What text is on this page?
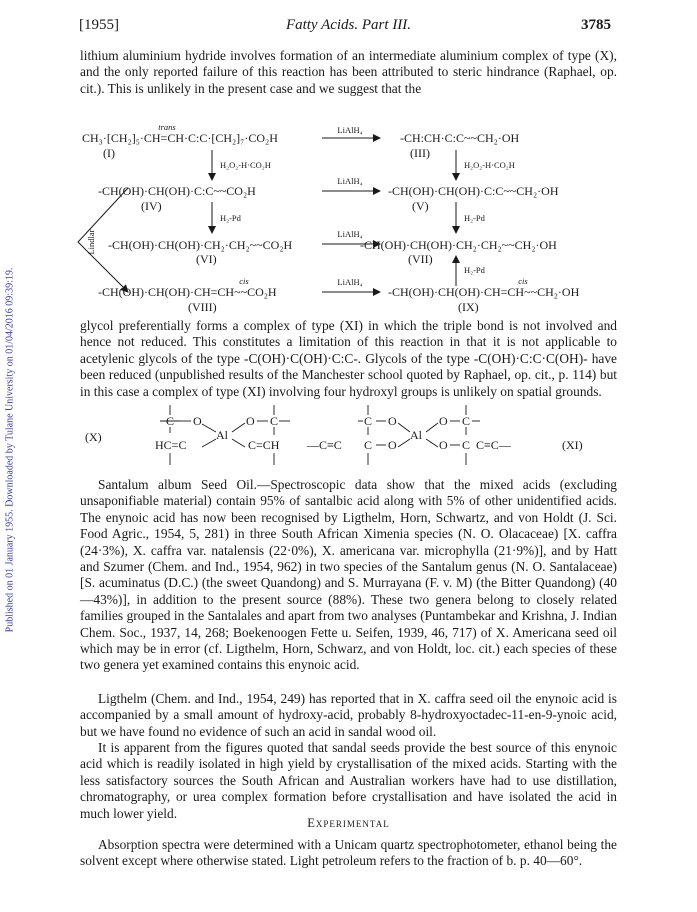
[1955]	Fatty Acids. Part III.	3785
Published on 01 January 1955. Downloaded by Tulane University on 01/04/2016 09:39:19.

lithium aluminium hydride involves formation of an intermediate aluminium complex of type (X), and the only reported failure of this reaction has been attributed to steric hindrance (Raphael, op. cit.). This is unlikely in the present case and we suggest that the

trans
CH₃·[CH₂]₅·CH=CH·C:C·[CH₂]₇·CO₂H
LiAlH₄
-CH:CH·C:C~~CH₂·OH
(I)	(III)
H₂O₂-H·CO₂H	H₂O₂-H·CO₂H
-CH(OH)·CH(OH)·C:C~~CO₂H
LiAlH₄
-CH(OH)·CH(OH)·C:C~~CH₂·OH
(IV)	(V)
H₂-Pd	H₂-Pd
Lindlar -CH(OH)·CH(OH)·CH₂·CH₂~~CO₂H
LiAlH₄
-CH(OH)·CH(OH)·CH₂·CH₂~~CH₂·OH
(VI)	(VII)
H₂-Pd
cis
-CH(OH)·CH(OH)·CH=CH~~CO₂H
LiAlH₄	cis
-CH(OH)·CH(OH)·CH=CH~~CH₂·OH
(VIII)	(IX)

glycol preferentially forms a complex of type (XI) in which the triple bond is not involved and hence not reduced. This constitutes a limitation of this reaction in that it is not applicable to acetylenic glycols of the type -C(OH)·C(OH)·C:C-. Glycols of the type -C(OH)·C:C·C(OH)- have been reduced (unpublished results of the Manchester school quoted by Raphael, op. cit., p. 114) but in this case a complex of type (XI) involving four hydroxyl groups is unlikely on spatial grounds.

(X)
C O
Al
O C
HC=C	C=CH
C O
—C≡C C O
Al
O C
O C C≡C—	(XI)

Santalum album Seed Oil.—Spectroscopic data show that the mixed acids (excluding unsaponifiable material) contain 95% of santalbic acid along with 5% of other unidentified acids. The enynoic acid has now been recognised by Ligthelm, Horn, Schwartz, and von Holdt (J. Sci. Food Agric., 1954, 5, 281) in three South African Ximenia species (N. O. Olacaceae) [X. caffra (24·3%), X. caffra var. natalensis (22·0%), X. americana var. microphylla (21·9%)], and by Hatt and Szumer (Chem. and Ind., 1954, 962) in two species of the Santalum genus (N. O. Santalaceae) [S. acuminatus (D.C.) (the sweet Quandong) and S. Murrayana (F. v. M) (the Bitter Quandong) (40—43%)], in addition to the present source (88%). These two genera belong to closely related families grouped in the Santalales and apart from two analyses (Puntambekar and Krishna, J. Indian Chem. Soc., 1937, 14, 268; Boekenoogen Fette u. Seifen, 1939, 46, 717) of X. Americana seed oil which may be in error (cf. Ligthelm, Horn, Schwarz, and von Holdt, loc. cit.) each species of these two genera yet examined contains this enynoic acid.

Ligthelm (Chem. and Ind., 1954, 249) has reported that in X. caffra seed oil the enynoic acid is accompanied by a small amount of hydroxy-acid, probably 8-hydroxyoctadec-11-en-9-ynoic acid, but we have found no evidence of such an acid in sandal wood oil.

It is apparent from the figures quoted that sandal seeds provide the best source of this enynoic acid which is readily isolated in high yield by crystallisation of the mixed acids. Starting with the less satisfactory sources the South African and Australian workers have had to use distillation, chromatography, or urea complex formation before crystallisation and have isolated the acid in much lower yield.

Experimental

Absorption spectra were determined with a Unicam quartz spectrophotometer, ethanol being the solvent except where otherwise stated. Light petroleum refers to the fraction of b. p. 40—60°.
